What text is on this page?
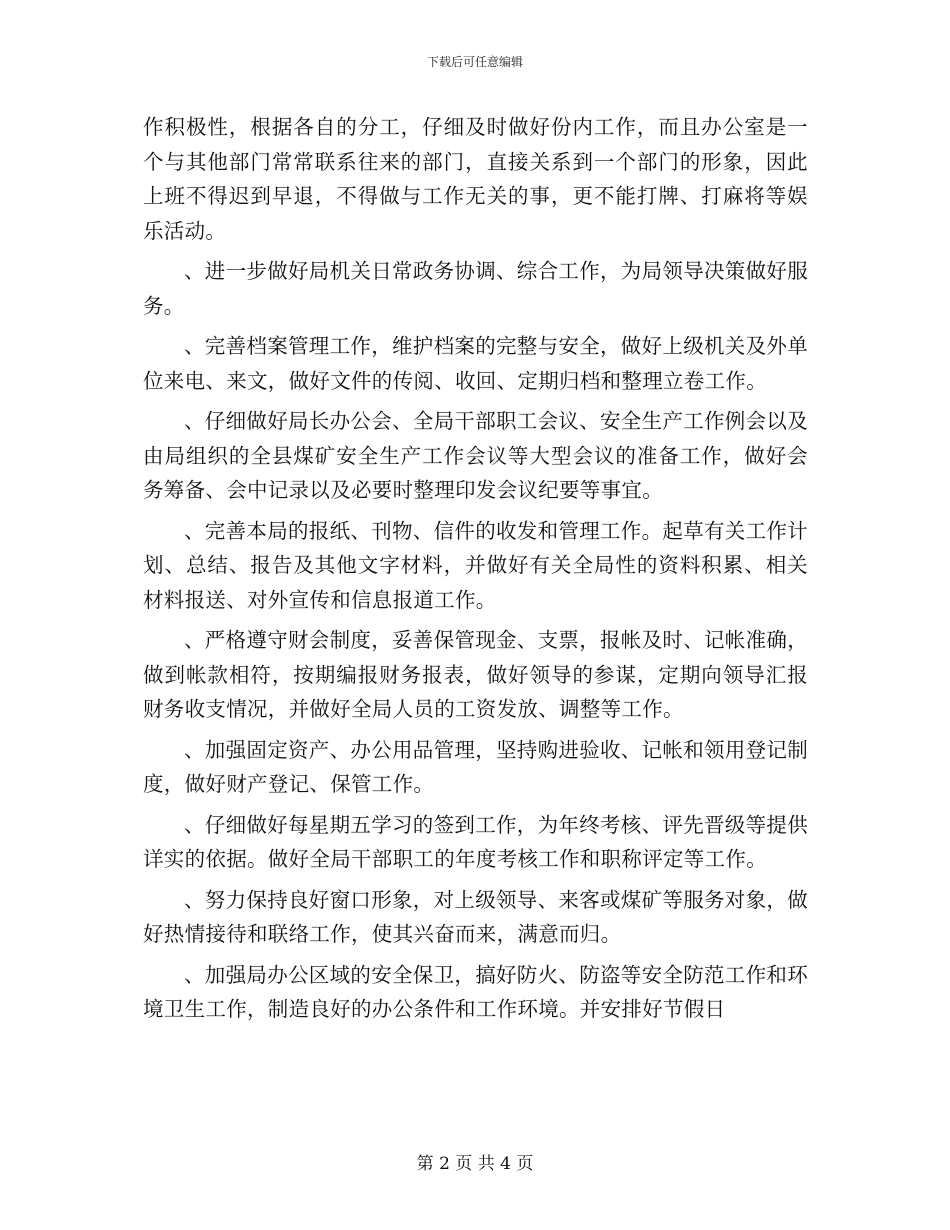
下载后可任意编辑

作积极性，根据各自的分工，仔细及时做好份内工作，而且办公室是一个与其他部门常常联系往来的部门，直接关系到一个部门的形象，因此上班不得迟到早退，不得做与工作无关的事，更不能打牌、打麻将等娱乐活动。

、进一步做好局机关日常政务协调、综合工作，为局领导决策做好服务。

、完善档案管理工作，维护档案的完整与安全，做好上级机关及外单位来电、来文，做好文件的传阅、收回、定期归档和整理立卷工作。

、仔细做好局长办公会、全局干部职工会议、安全生产工作例会以及由局组织的全县煤矿安全生产工作会议等大型会议的准备工作，做好会务筹备、会中记录以及必要时整理印发会议纪要等事宜。

、完善本局的报纸、刊物、信件的收发和管理工作。起草有关工作计划、总结、报告及其他文字材料，并做好有关全局性的资料积累、相关材料报送、对外宣传和信息报道工作。

、严格遵守财会制度，妥善保管现金、支票，报帐及时、记帐准确，做到帐款相符，按期编报财务报表，做好领导的参谋，定期向领导汇报财务收支情况，并做好全局人员的工资发放、调整等工作。

、加强固定资产、办公用品管理，坚持购进验收、记帐和领用登记制度，做好财产登记、保管工作。

、仔细做好每星期五学习的签到工作，为年终考核、评先晋级等提供详实的依据。做好全局干部职工的年度考核工作和职称评定等工作。

、努力保持良好窗口形象，对上级领导、来客或煤矿等服务对象，做好热情接待和联络工作，使其兴奋而来，满意而归。

、加强局办公区域的安全保卫，搞好防火、防盗等安全防范工作和环境卫生工作，制造良好的办公条件和工作环境。并安排好节假日

第 2 页 共 4 页
